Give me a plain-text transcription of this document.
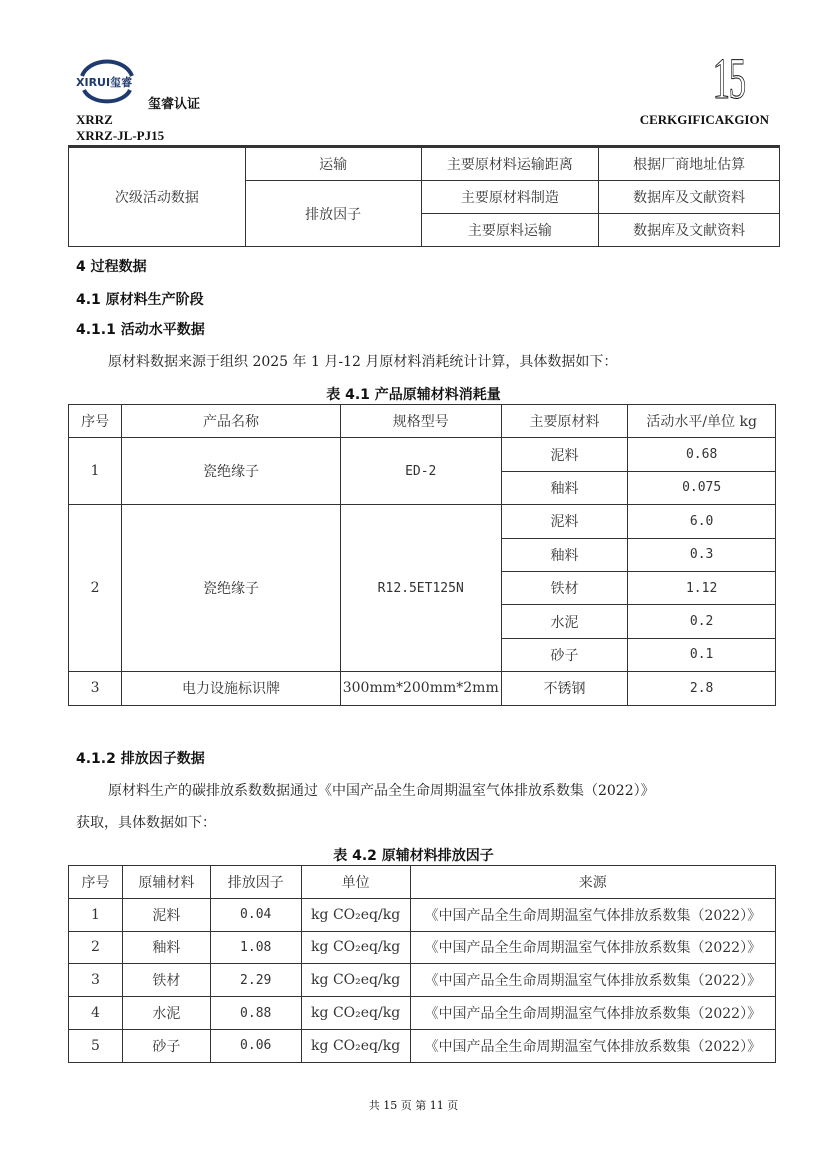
XIRUI玺睿
玺睿认证
XRRZ
XRRZ-JL-PJ15
15
CERKGIFICAKGION
次级活动数据	运输	主要原材料运输距离	根据厂商地址估算
	排放因子	主要原材料制造	数据库及文献资料
		主要原料运输	数据库及文献资料
4 过程数据
4.1 原材料生产阶段
4.1.1 活动水平数据
原材料数据来源于组织 2025 年 1 月-12 月原材料消耗统计计算，具体数据如下：
表 4.1 产品原辅材料消耗量
序号	产品名称	规格型号	主要原材料	活动水平/单位 kg
1	瓷绝缘子	ED-2	泥料	0.68
			釉料	0.075
2	瓷绝缘子	R12.5ET125N	泥料	6.0
			釉料	0.3
			铁材	1.12
			水泥	0.2
			砂子	0.1
3	电力设施标识牌	300mm*200mm*2mm	不锈钢	2.8
4.1.2 排放因子数据
原材料生产的碳排放系数数据通过《中国产品全生命周期温室气体排放系数集（2022）》
获取，具体数据如下：
表 4.2 原辅材料排放因子
序号	原辅材料	排放因子	单位	来源
1	泥料	0.04	kg CO₂eq/kg	《中国产品全生命周期温室气体排放系数集（2022）》
2	釉料	1.08	kg CO₂eq/kg	《中国产品全生命周期温室气体排放系数集（2022）》
3	铁材	2.29	kg CO₂eq/kg	《中国产品全生命周期温室气体排放系数集（2022）》
4	水泥	0.88	kg CO₂eq/kg	《中国产品全生命周期温室气体排放系数集（2022）》
5	砂子	0.06	kg CO₂eq/kg	《中国产品全生命周期温室气体排放系数集（2022）》
共 15 页 第 11 页
